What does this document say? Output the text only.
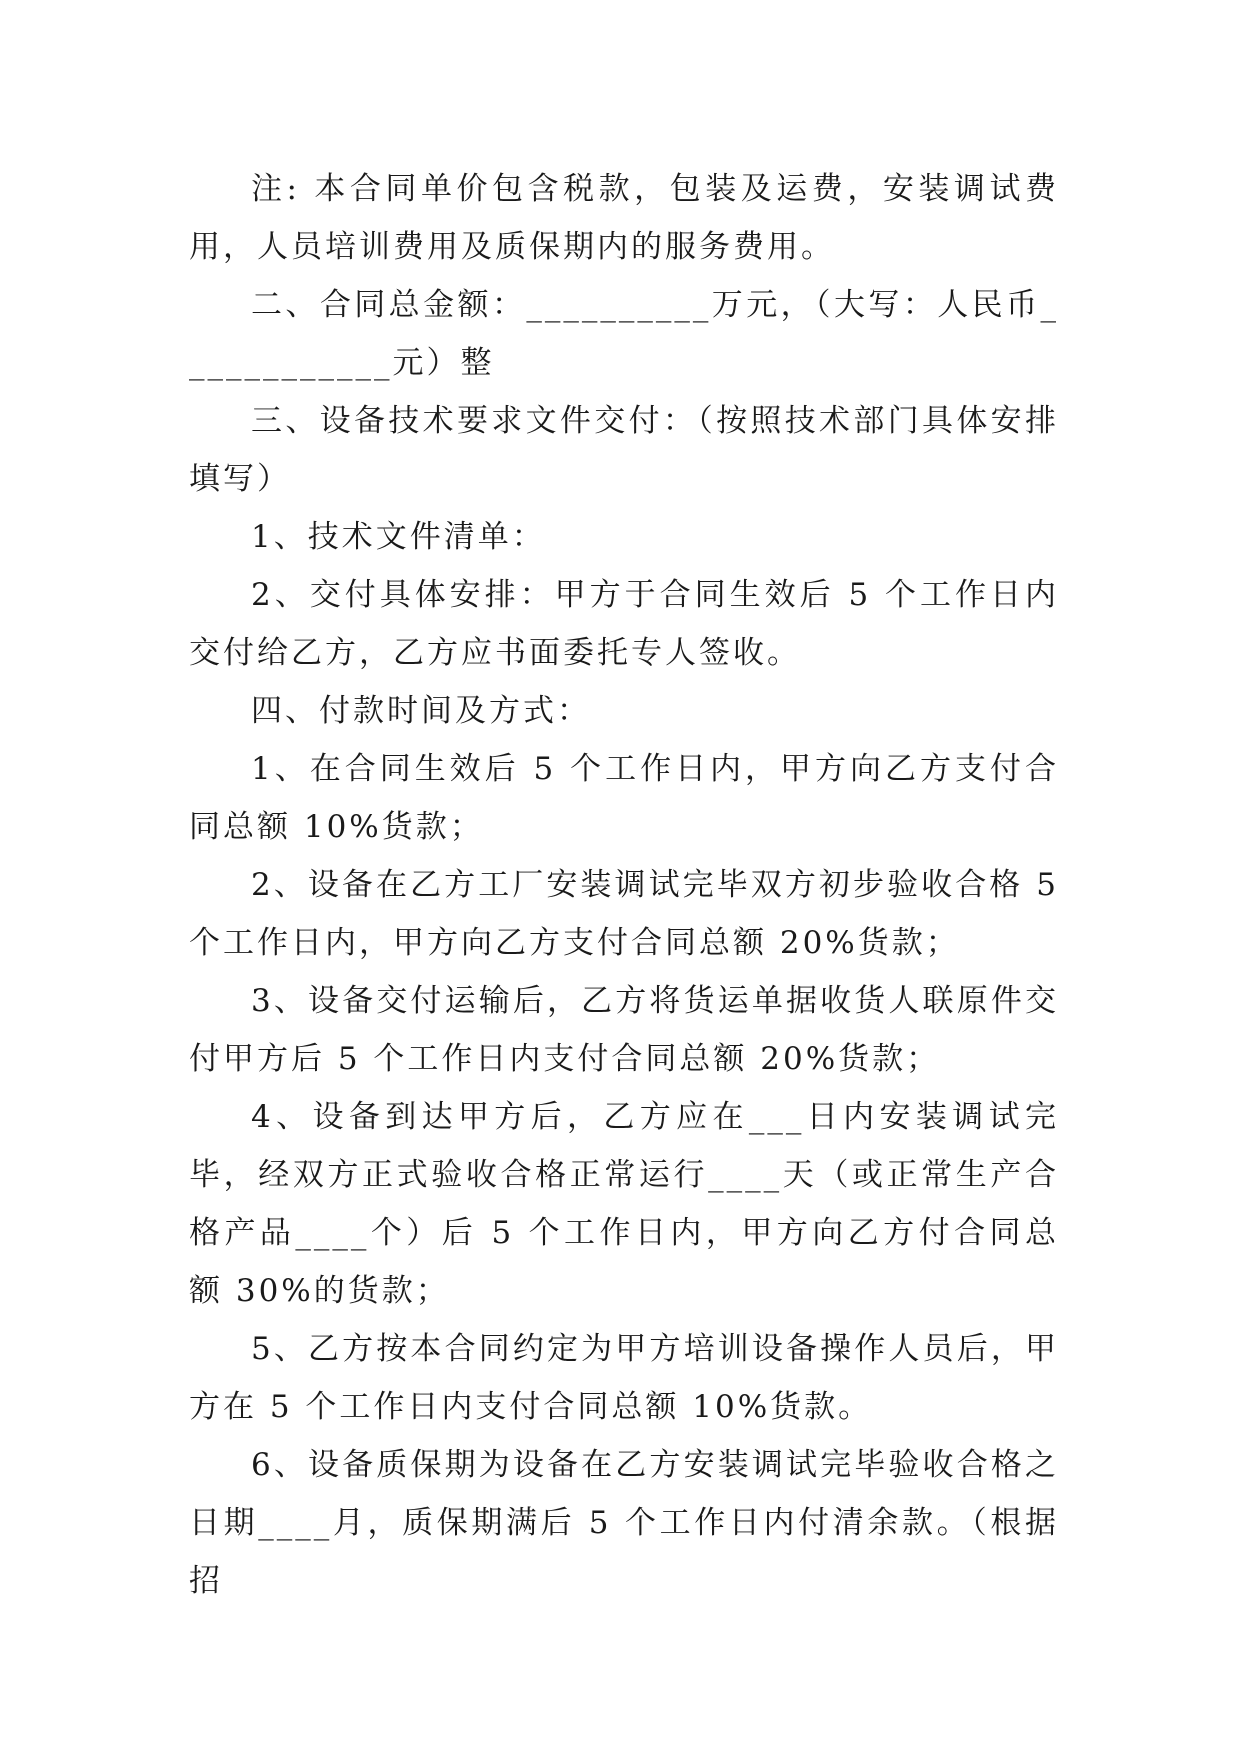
注: 本合同单价包含税款，包装及运费，安装调试费用，人员培训费用及质保期内的服务费用。

二、合同总金额：__________万元，（大写：人民币____________元）整

三、设备技术要求文件交付：（按照技术部门具体安排填写）

1、技术文件清单：

2、交付具体安排：甲方于合同生效后 5 个工作日内交付给乙方，乙方应书面委托专人签收。

四、付款时间及方式：

1、在合同生效后 5 个工作日内，甲方向乙方支付合同总额 10%货款；

2、设备在乙方工厂安装调试完毕双方初步验收合格 5 个工作日内，甲方向乙方支付合同总额 20%货款；

3、设备交付运输后，乙方将货运单据收货人联原件交付甲方后 5 个工作日内支付合同总额 20%货款；

4、设备到达甲方后，乙方应在___日内安装调试完毕，经双方正式验收合格正常运行____天（或正常生产合格产品____个）后 5 个工作日内，甲方向乙方付合同总额 30%的货款；

5、乙方按本合同约定为甲方培训设备操作人员后，甲方在 5 个工作日内支付合同总额 10%货款。

6、设备质保期为设备在乙方安装调试完毕验收合格之日期____月，质保期满后 5 个工作日内付清余款。（根据招
